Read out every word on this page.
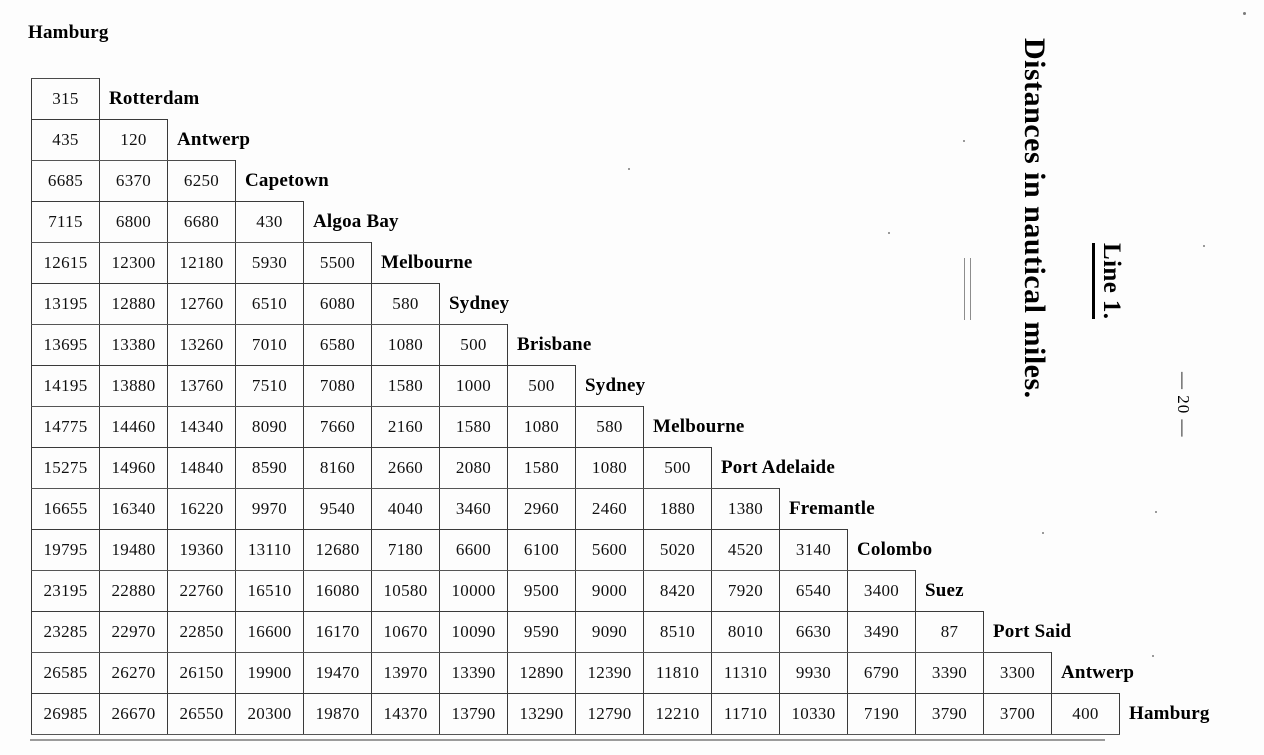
Hamburg
315	Rotterdam															
435	120	Antwerp														
6685	6370	6250	Capetown													
7115	6800	6680	430	Algoa Bay												
12615	12300	12180	5930	5500	Melbourne											
13195	12880	12760	6510	6080	580	Sydney										
13695	13380	13260	7010	6580	1080	500	Brisbane									
14195	13880	13760	7510	7080	1580	1000	500	Sydney								
14775	14460	14340	8090	7660	2160	1580	1080	580	Melbourne							
15275	14960	14840	8590	8160	2660	2080	1580	1080	500	Port Adelaide						
16655	16340	16220	9970	9540	4040	3460	2960	2460	1880	1380	Fremantle					
19795	19480	19360	13110	12680	7180	6600	6100	5600	5020	4520	3140	Colombo				
23195	22880	22760	16510	16080	10580	10000	9500	9000	8420	7920	6540	3400	Suez			
23285	22970	22850	16600	16170	10670	10090	9590	9090	8510	8010	6630	3490	87	Port Said		
26585	26270	26150	19900	19470	13970	13390	12890	12390	11810	11310	9930	6790	3390	3300	Antwerp	
26985	26670	26550	20300	19870	14370	13790	13290	12790	12210	11710	10330	7190	3790	3700	400	Hamburg
Distances in nautical miles. Line 1.
— 20 —
